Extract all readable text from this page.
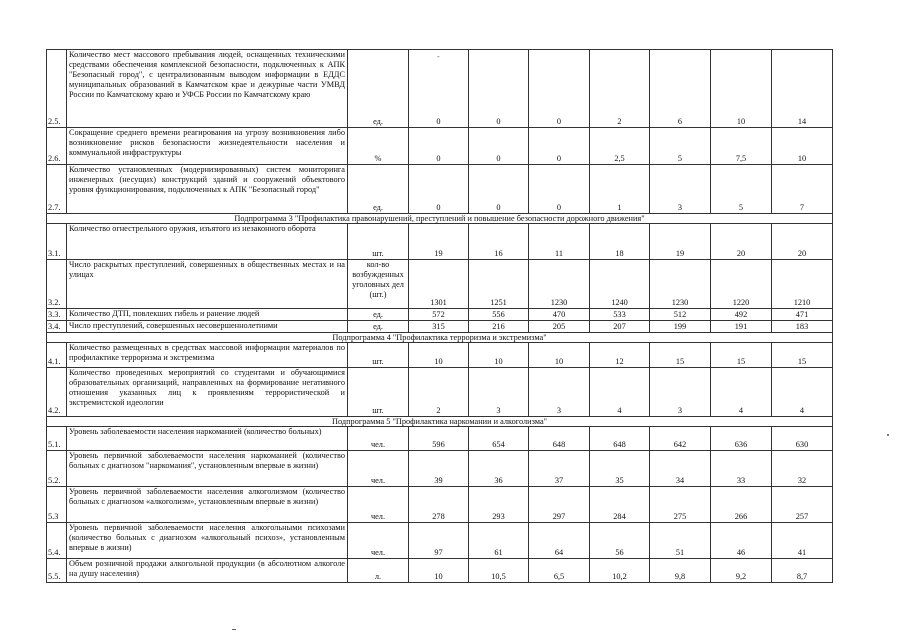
-
2.5.	Количество мест массового пребывания людей, оснащенных техническими средствами обеспечения комплексной безопасности, подключенных к АПК "Безопасный город", с централизованным выводом информации в ЕДДС муниципальных образований в Камчатском крае и дежурные части УМВД России по Камчатскому краю и УФСБ России по Камчатскому краю	ед.	0	0	0	2	6	10	14
2.6.	Сокращение среднего времени реагирования на угрозу возникновения либо возникновение рисков безопасности жизнедеятельности населения и коммунальной инфраструктуры	%	0	0	0	2,5	5	7,5	10
2.7.	Количество установленных (модернизированных) систем мониторинга инженерных (несущих) конструкций зданий и сооружений объектового уровня функционирования, подключенных к АПК "Безопасный город"	ед.	0	0	0	1	3	5	7
Подпрограмма 3 "Профилактика правонарушений, преступлений и повышение безопасности дорожного движения"									
3.1.	Количество огнестрельного оружия, изъятого из незаконного оборота	шт.	19	16	11	18	19	20	20
3.2.	Число раскрытых преступлений, совершенных в общественных местах и на улицах	кол-во возбужденных уголовных дел (шт.)	1301	1251	1230	1240	1230	1220	1210
3.3.	Количество ДТП, повлекших гибель и ранение людей	ед.	572	556	470	533	512	492	471
3.4.	Число преступлений, совершенных несовершеннолетними	ед.	315	216	205	207	199	191	183
Подпрограмма 4 "Профилактика терроризма и экстремизма"									
4.1.	Количество размещенных в средствах массовой информации материалов по профилактике терроризма и экстремизма	шт.	10	10	10	12	15	15	15
4.2.	Количество проведенных мероприятий со студентами и обучающимися образовательных организаций, направленных на формирование негативного отношения указанных лиц к проявлениям террористической и экстремистской идеологии	шт.	2	3	3	4	3	4	4
Подпрограмма 5 "Профилактика наркомании и алкоголизма"									
5.1.	Уровень заболеваемости населения наркоманией (количество больных)	чел.	596	654	648	648	642	636	630
5.2.	Уровень первичной заболеваемости населения наркоманией (количество больных с диагнозом "наркомания", установленным впервые в жизни)	чел.	39	36	37	35	34	33	32
5.3	Уровень первичной заболеваемости населения алкоголизмом (количество больных с диагнозом «алкоголизм», установленным впервые в жизни)	чел.	278	293	297	284	275	266	257
5.4.	Уровень первичной заболеваемости населения алкогольными психозами (количество больных с диагнозом «алкогольный психоз», установленным впервые в жизни)	чел.	97	61	64	56	51	46	41
5.5.	Объем розничной продажи алкогольной продукции (в абсолютном алкоголе на душу населения)	л.	10	10,5	6,5	10,2	9,8	9,2	8,7
